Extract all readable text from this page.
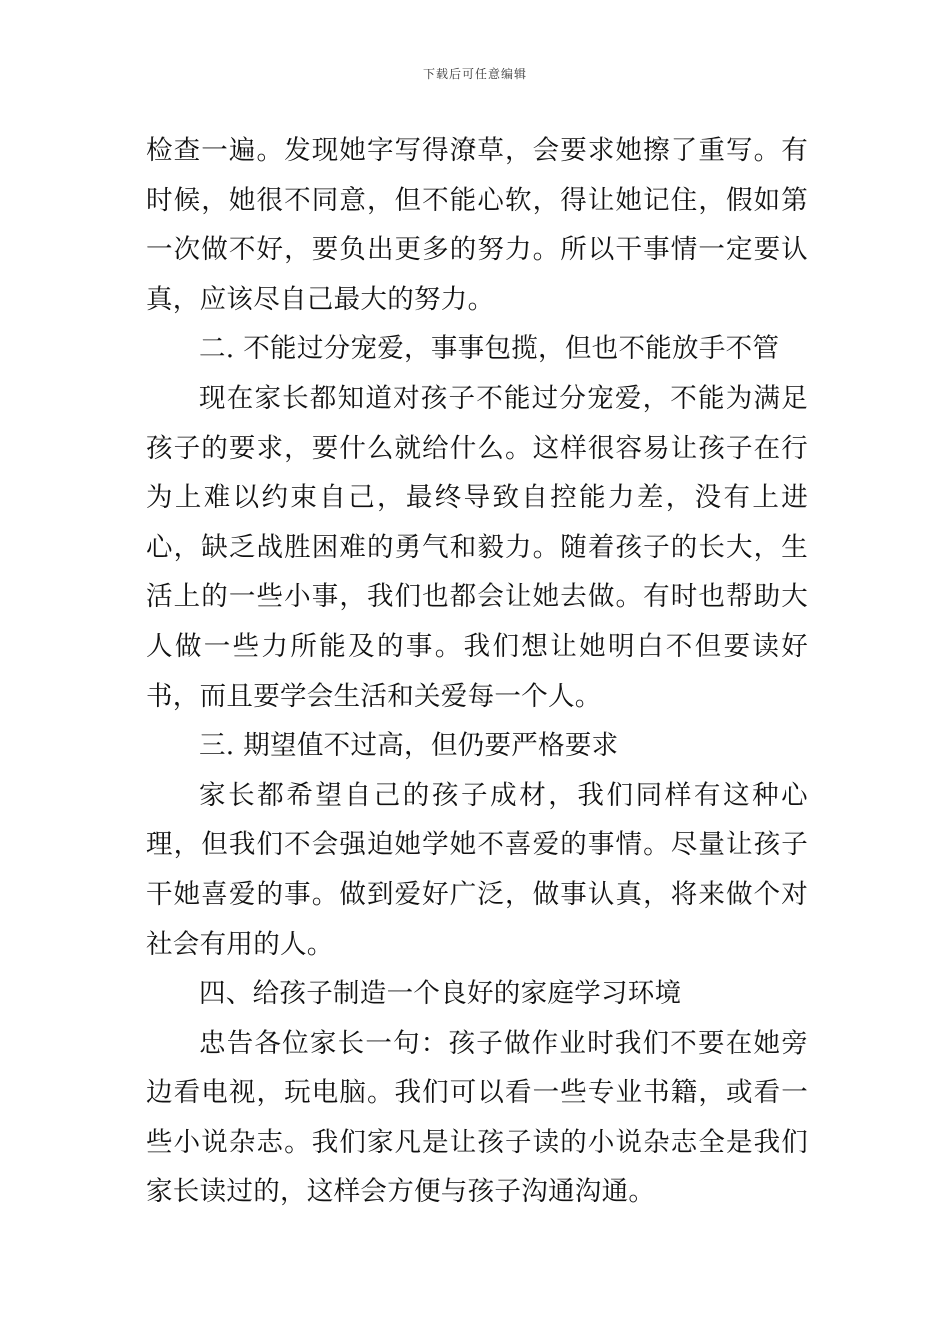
下载后可任意编辑

检查一遍。发现她字写得潦草，会要求她擦了重写。有时候，她很不同意，但不能心软，得让她记住，假如第一次做不好，要负出更多的努力。所以干事情一定要认真，应该尽自己最大的努力。

二. 不能过分宠爱，事事包揽，但也不能放手不管

现在家长都知道对孩子不能过分宠爱，不能为满足孩子的要求，要什么就给什么。这样很容易让孩子在行为上难以约束自己，最终导致自控能力差，没有上进心，缺乏战胜困难的勇气和毅力。随着孩子的长大，生活上的一些小事，我们也都会让她去做。有时也帮助大人做一些力所能及的事。我们想让她明白不但要读好书，而且要学会生活和关爱每一个人。

三. 期望值不过高，但仍要严格要求

家长都希望自己的孩子成材，我们同样有这种心理，但我们不会强迫她学她不喜爱的事情。尽量让孩子干她喜爱的事。做到爱好广泛，做事认真，将来做个对社会有用的人。

四、给孩子制造一个良好的家庭学习环境

忠告各位家长一句：孩子做作业时我们不要在她旁边看电视，玩电脑。我们可以看一些专业书籍，或看一些小说杂志。我们家凡是让孩子读的小说杂志全是我们家长读过的，这样会方便与孩子沟通沟通。
